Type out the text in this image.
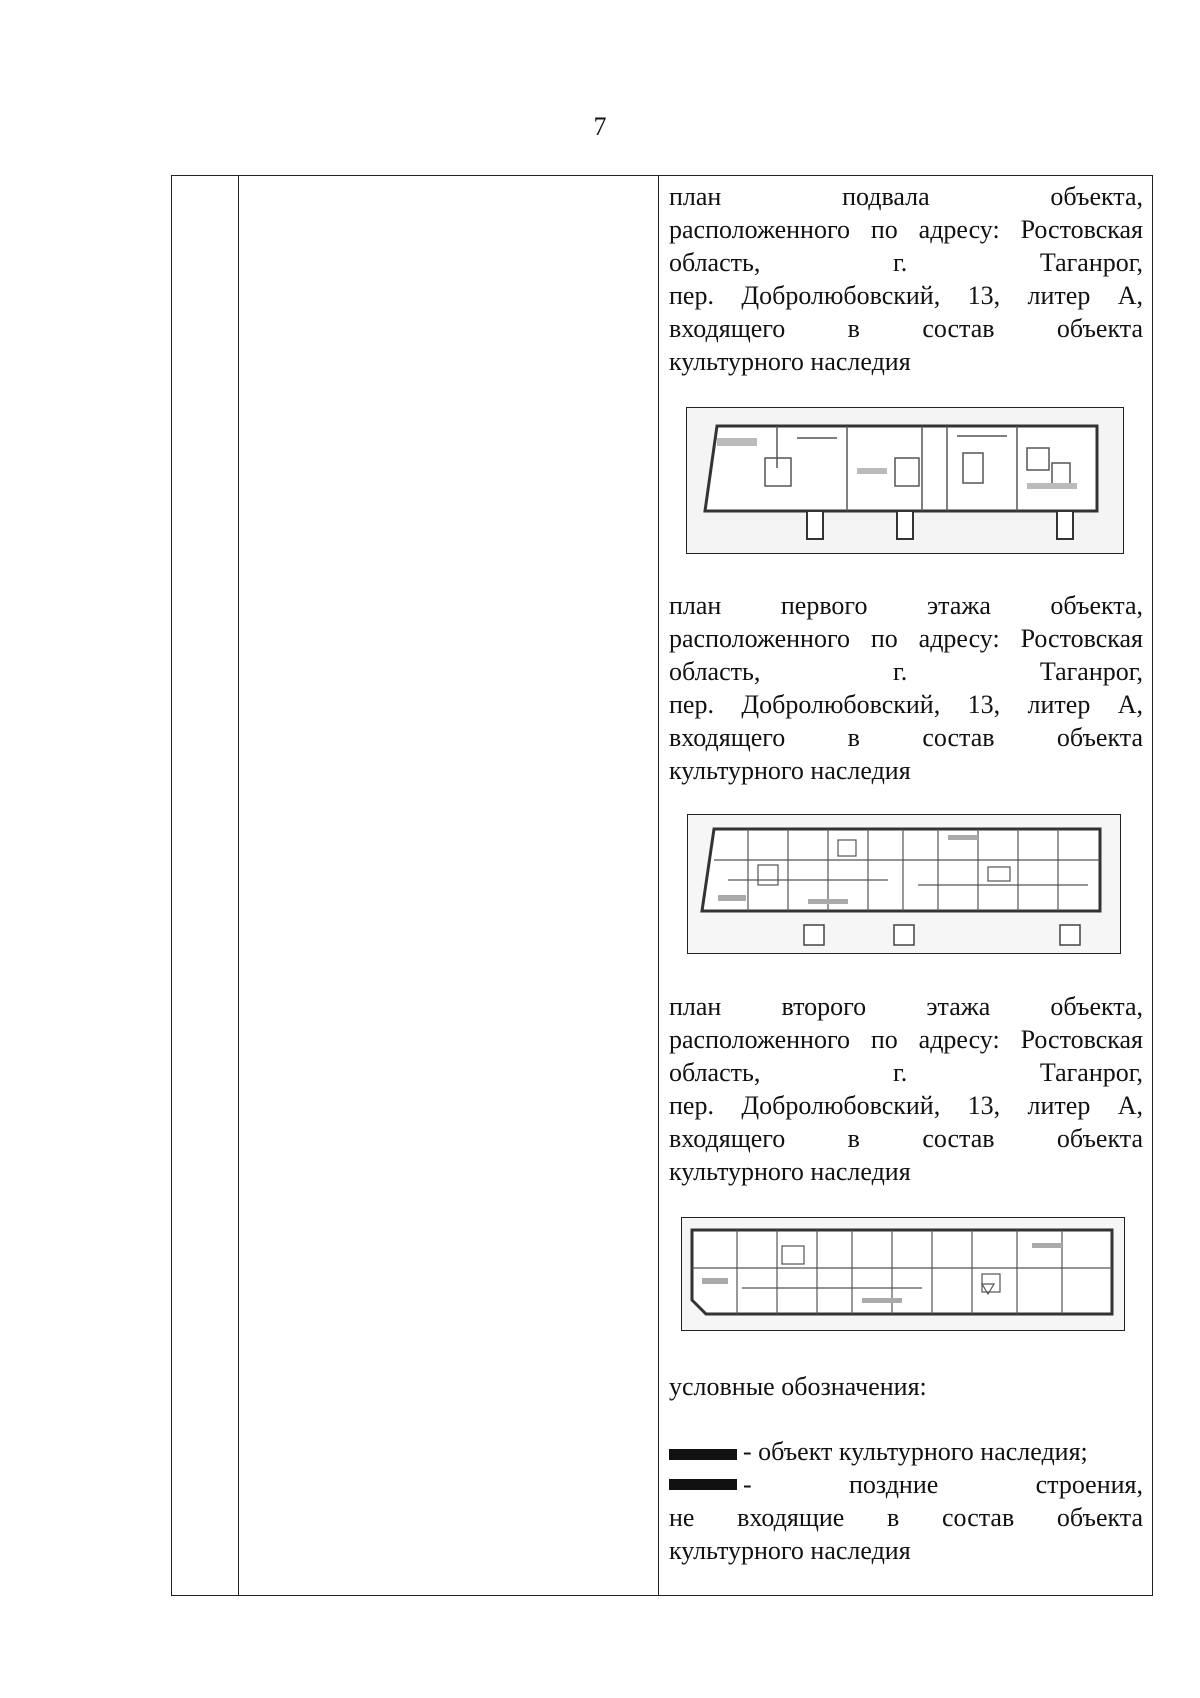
7

план подвала объекта,
расположенного по адресу: Ростовская
область, г. Таганрог,
пер. Добролюбовский, 13, литер А,
входящего в состав объекта
культурного наследия

план первого этажа объекта,
расположенного по адресу: Ростовская
область, г. Таганрог,
пер. Добролюбовский, 13, литер А,
входящего в состав объекта
культурного наследия

план второго этажа объекта,
расположенного по адресу: Ростовская
область, г. Таганрог,
пер. Добролюбовский, 13, литер А,
входящего в состав объекта
культурного наследия

условные обозначения:

- объект культурного наследия;

- поздние строения,
не входящие в состав объекта
культурного наследия
